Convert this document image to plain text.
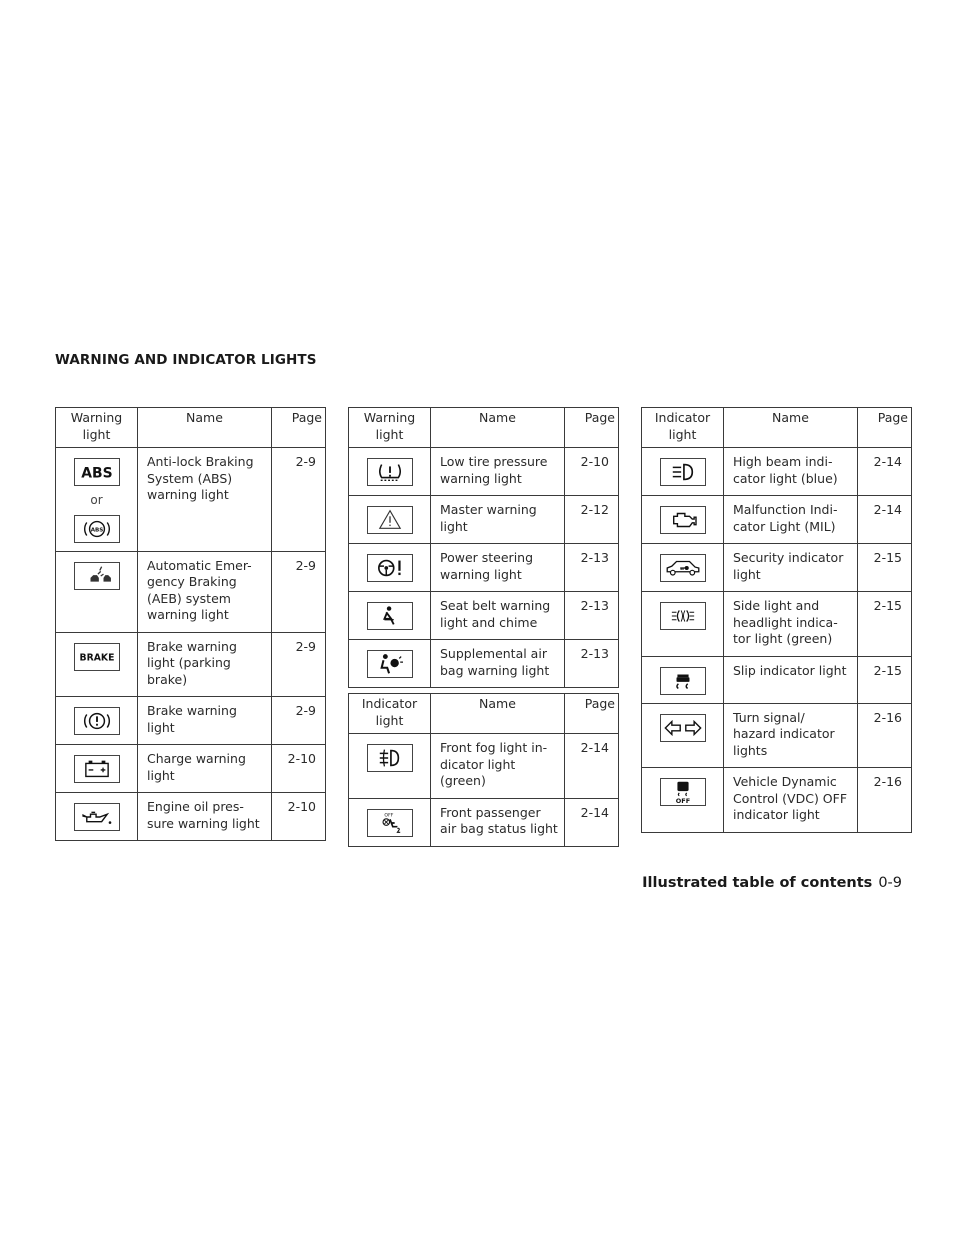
WARNING AND INDICATOR LIGHTS
Warning light	Name	Page

ABS
or
ABS	Anti-lock Braking System (ABS) warning light	2-9

	Automatic Emer-gency Braking (AEB) system warning light	2-9

BRAKE	Brake warning light (parking brake)	2-9

	Brake warning light	2-9

	Charge warning light	2-10

	Engine oil pres-sure warning light	2-10
Warning light	Name	Page

	Low tire pressure warning light	2-10

	Master warning light	2-12

	Power steering warning light	2-13

	Seat belt warning light and chime	2-13

	Supplemental air bag warning light	2-13
Indicator light	Name	Page

	Front fog light in-dicator light (green)	2-14

OFF	Front passenger air bag status light	2-14
Indicator light	Name	Page

	High beam indi-cator light (blue)	2-14

	Malfunction Indi-cator Light (MIL)	2-14

	Security indicator light	2-15

	Side light and headlight indica-tor light (green)	2-15

	Slip indicator light	2-15

	Turn signal/ hazard indicator lights	2-16

OFF	Vehicle Dynamic Control (VDC) OFF indicator light	2-16
Illustrated table of contents 0-9
